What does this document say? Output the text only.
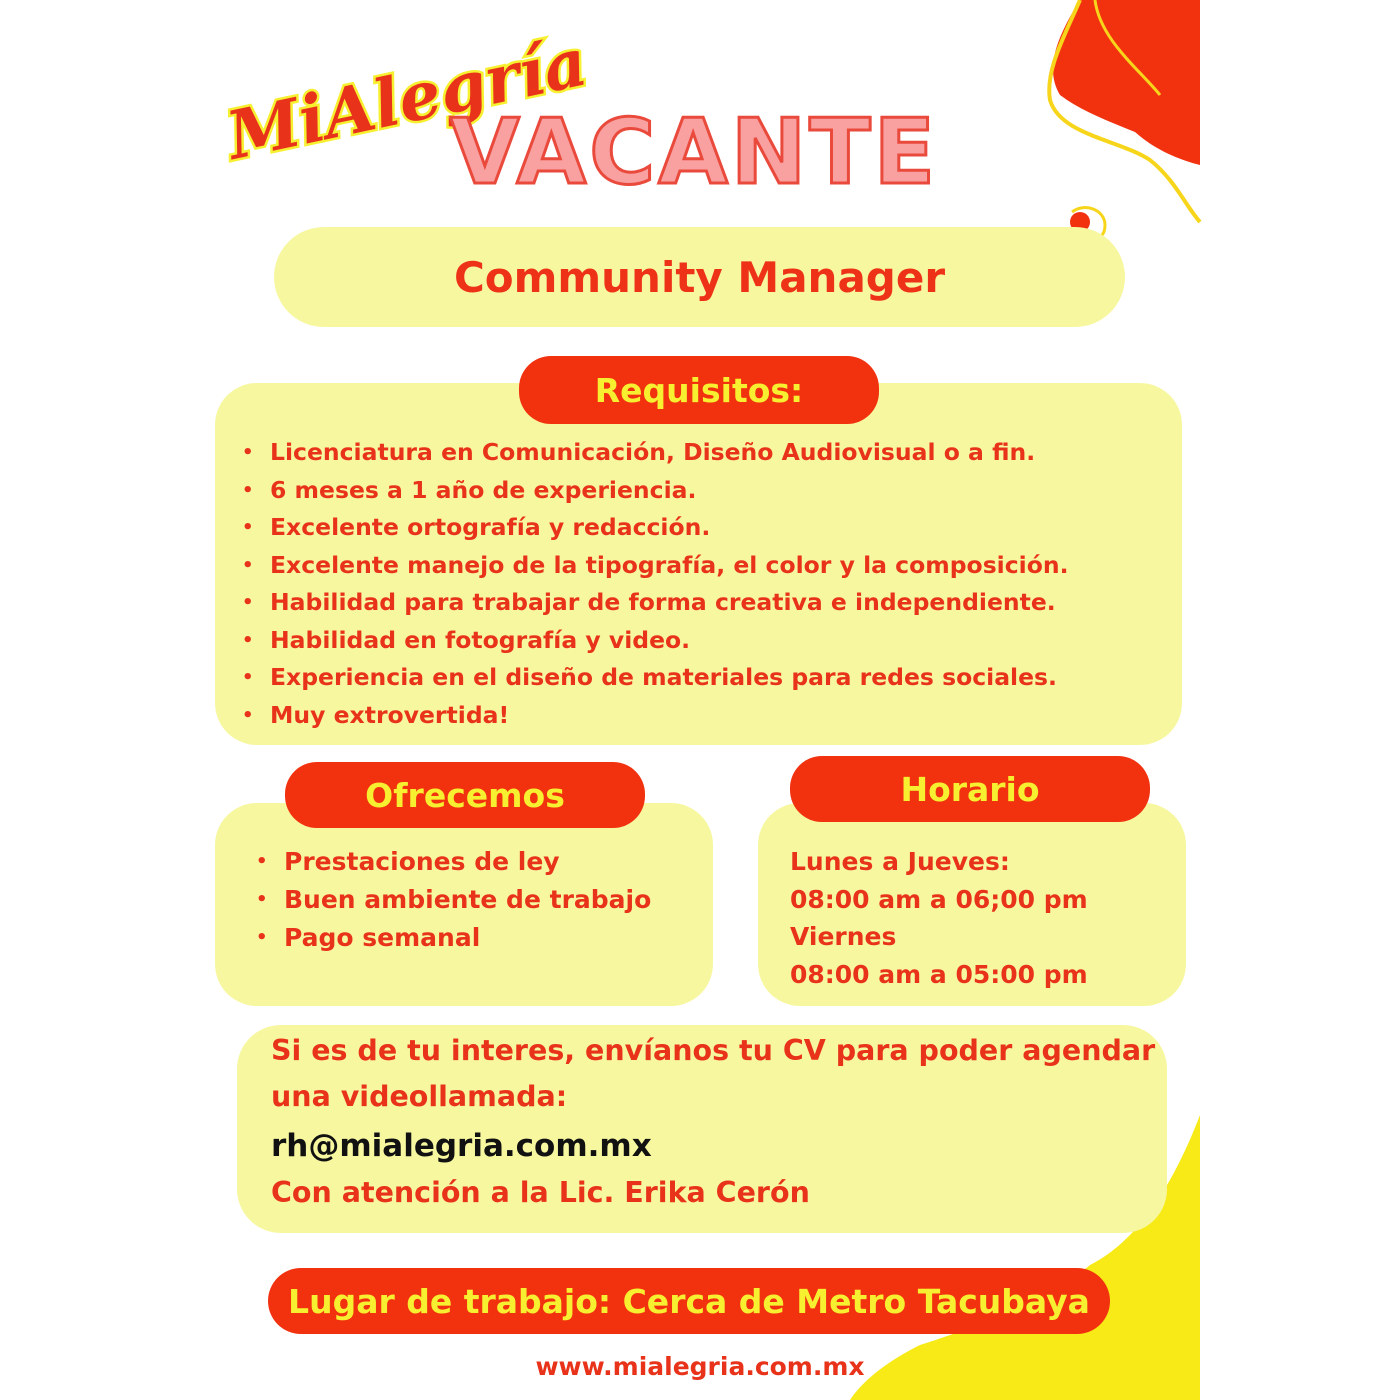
MiAlegría
VACANTE
Community Manager
Requisitos:
• Licenciatura en Comunicación, Diseño Audiovisual o a fin.
• 6 meses a 1 año de experiencia.
• Excelente ortografía y redacción.
• Excelente manejo de la tipografía, el color y la composición.
• Habilidad para trabajar de forma creativa e independiente.
• Habilidad en fotografía y video.
• Experiencia en el diseño de materiales para redes sociales.
• Muy extrovertida!
Ofrecemos
• Prestaciones de ley
• Buen ambiente de trabajo
• Pago semanal
Horario
Lunes a Jueves:
08:00 am a 06;00 pm
Viernes
08:00 am a 05:00 pm
Si es de tu interes, envíanos tu CV para poder agendar una videollamada:
rh@mialegria.com.mx
Con atención a la Lic. Erika Cerón
Lugar de trabajo: Cerca de Metro Tacubaya
www.mialegria.com.mx
